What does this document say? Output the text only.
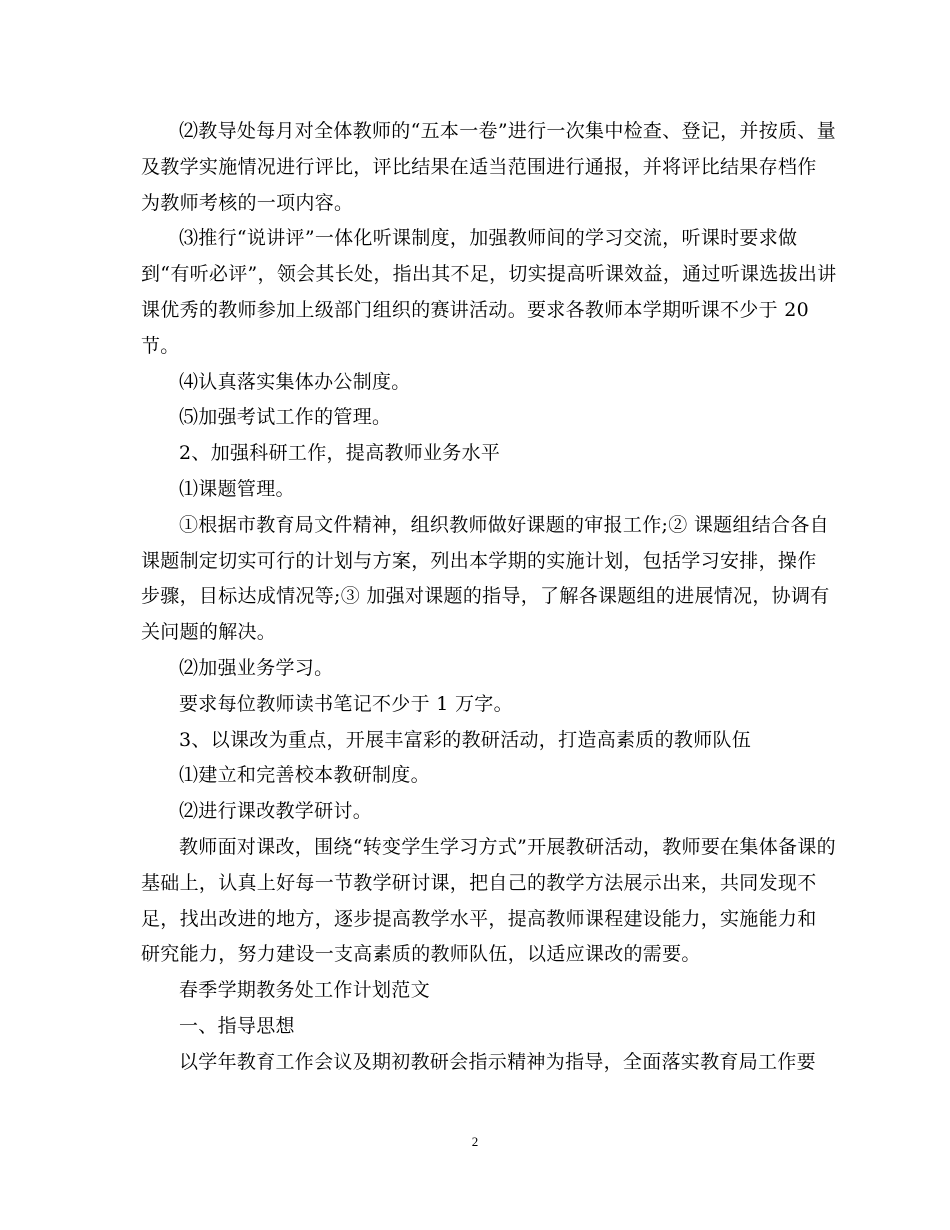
⑵教导处每月对全体教师的“五本一卷”进行一次集中检查、登记，并按质、量
及教学实施情况进行评比，评比结果在适当范围进行通报，并将评比结果存档作
为教师考核的一项内容。
⑶推行“说讲评”一体化听课制度，加强教师间的学习交流，听课时要求做
到“有听必评”，领会其长处，指出其不足，切实提高听课效益，通过听课选拔出讲
课优秀的教师参加上级部门组织的赛讲活动。要求各教师本学期听课不少于 20
节。
⑷认真落实集体办公制度。
⑸加强考试工作的管理。
2、加强科研工作，提高教师业务水平
⑴课题管理。
①根据市教育局文件精神，组织教师做好课题的审报工作;② 课题组结合各自
课题制定切实可行的计划与方案，列出本学期的实施计划，包括学习安排，操作
步骤，目标达成情况等;③ 加强对课题的指导，了解各课题组的进展情况，协调有
关问题的解决。
⑵加强业务学习。
要求每位教师读书笔记不少于 1 万字。
3、以课改为重点，开展丰富彩的教研活动，打造高素质的教师队伍
⑴建立和完善校本教研制度。
⑵进行课改教学研讨。
教师面对课改，围绕“转变学生学习方式”开展教研活动，教师要在集体备课的
基础上，认真上好每一节教学研讨课，把自己的教学方法展示出来，共同发现不
足，找出改进的地方，逐步提高教学水平，提高教师课程建设能力，实施能力和
研究能力，努力建设一支高素质的教师队伍，以适应课改的需要。
春季学期教务处工作计划范文
一、指导思想
以学年教育工作会议及期初教研会指示精神为指导，全面落实教育局工作要
2
